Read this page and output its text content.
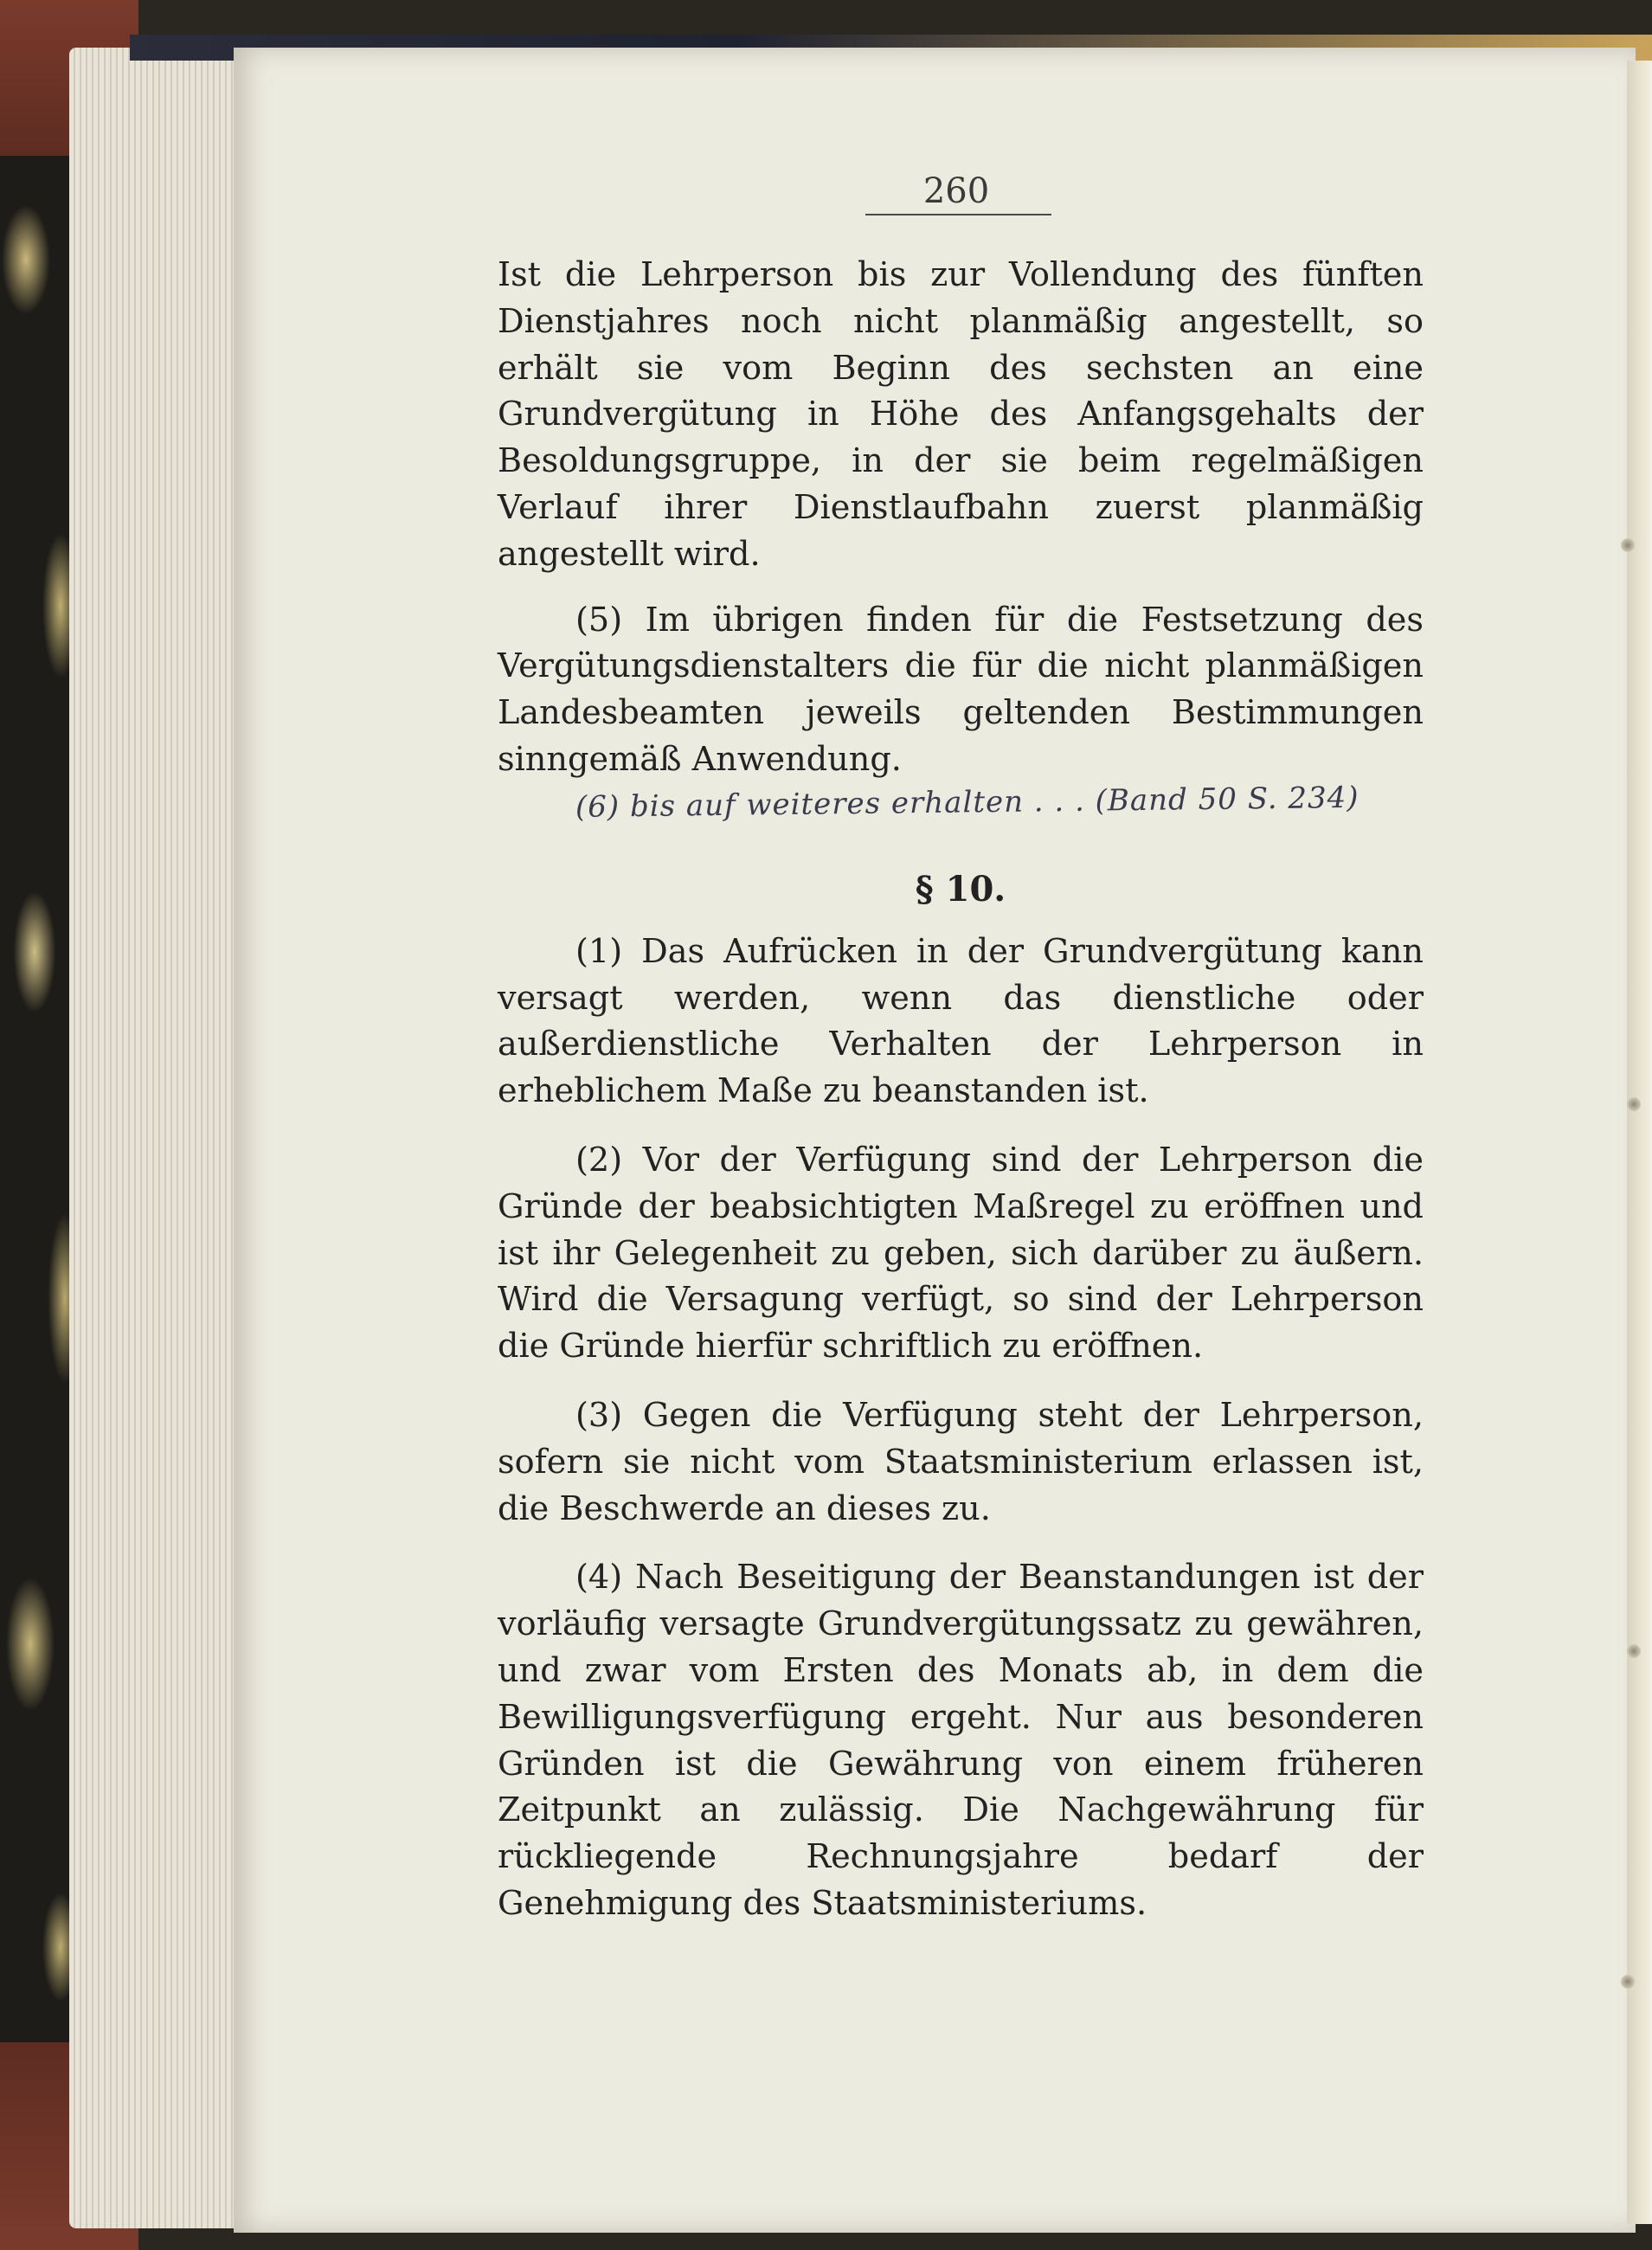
260

Ist die Lehrperson bis zur Vollendung des fünften Dienstjahres noch nicht planmäßig angestellt, so erhält sie vom Beginn des sechsten an eine Grundvergütung in Höhe des Anfangsgehalts der Besoldungsgruppe, in der sie beim regelmäßigen Verlauf ihrer Dienstlaufbahn zuerst planmäßig angestellt wird.

(5) Im übrigen finden für die Festsetzung des Vergütungsdienstalters die für die nicht planmäßigen Landesbeamten jeweils geltenden Bestimmungen sinngemäß Anwendung.

(6) bis auf weiteres erhalten . . . (Band 50 S. 234)

§ 10.

(1) Das Aufrücken in der Grundvergütung kann versagt werden, wenn das dienstliche oder außerdienstliche Verhalten der Lehrperson in erheblichem Maße zu beanstanden ist.

(2) Vor der Verfügung sind der Lehrperson die Gründe der beabsichtigten Maßregel zu eröffnen und ist ihr Gelegenheit zu geben, sich darüber zu äußern. Wird die Versagung verfügt, so sind der Lehrperson die Gründe hierfür schriftlich zu eröffnen.

(3) Gegen die Verfügung steht der Lehrperson, sofern sie nicht vom Staatsministerium erlassen ist, die Beschwerde an dieses zu.

(4) Nach Beseitigung der Beanstandungen ist der vorläufig versagte Grundvergütungssatz zu gewähren, und zwar vom Ersten des Monats ab, in dem die Bewilligungsverfügung ergeht. Nur aus besonderen Gründen ist die Gewährung von einem früheren Zeitpunkt an zulässig. Die Nachgewährung für rückliegende Rechnungsjahre bedarf der Genehmigung des Staatsministeriums.
